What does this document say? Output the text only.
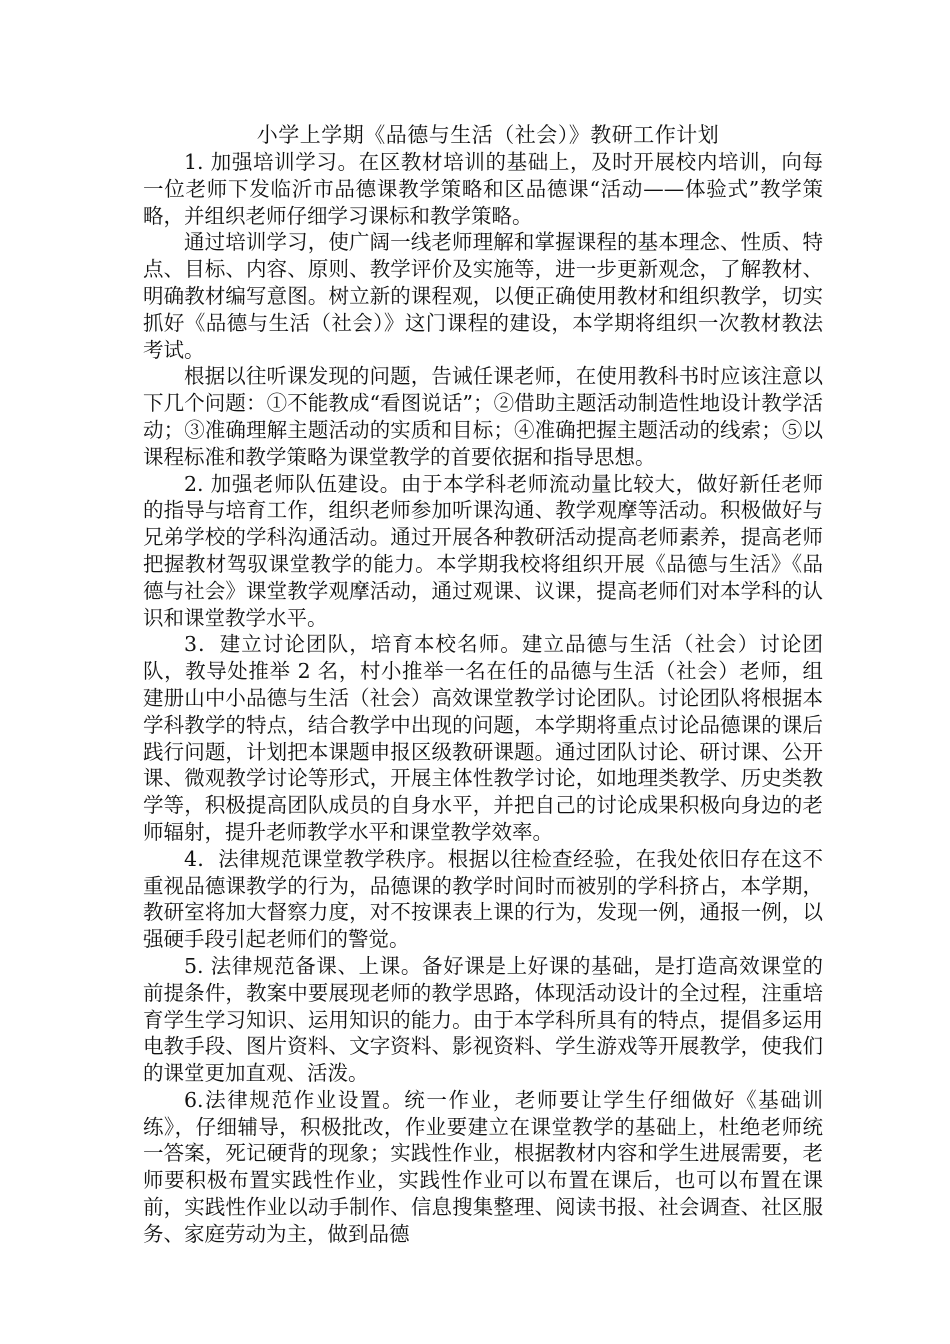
小学上学期《品德与生活（社会）》教研工作计划

1. 加强培训学习。在区教材培训的基础上，及时开展校内培训，向每一位老师下发临沂市品德课教学策略和区品德课“活动——体验式”教学策略，并组织老师仔细学习课标和教学策略。

通过培训学习，使广阔一线老师理解和掌握课程的基本理念、性质、特点、目标、内容、原则、教学评价及实施等，进一步更新观念，了解教材、明确教材编写意图。树立新的课程观，以便正确使用教材和组织教学，切实抓好《品德与生活（社会）》这门课程的建设，本学期将组织一次教材教法考试。

根据以往听课发现的问题，告诫任课老师，在使用教科书时应该注意以下几个问题：①不能教成“看图说话”；②借助主题活动制造性地设计教学活动；③准确理解主题活动的实质和目标；④准确把握主题活动的线索；⑤以课程标准和教学策略为课堂教学的首要依据和指导思想。

2. 加强老师队伍建设。由于本学科老师流动量比较大，做好新任老师的指导与培育工作，组织老师参加听课沟通、教学观摩等活动。积极做好与兄弟学校的学科沟通活动。通过开展各种教研活动提高老师素养，提高老师把握教材驾驭课堂教学的能力。本学期我校将组织开展《品德与生活》《品德与社会》课堂教学观摩活动，通过观课、议课，提高老师们对本学科的认识和课堂教学水平。

3．建立讨论团队，培育本校名师。建立品德与生活（社会）讨论团队，教导处推举 2 名，村小推举一名在任的品德与生活（社会）老师，组建册山中小品德与生活（社会）高效课堂教学讨论团队。讨论团队将根据本学科教学的特点，结合教学中出现的问题，本学期将重点讨论品德课的课后践行问题，计划把本课题申报区级教研课题。通过团队讨论、研讨课、公开课、微观教学讨论等形式，开展主体性教学讨论，如地理类教学、历史类教学等，积极提高团队成员的自身水平，并把自己的讨论成果积极向身边的老师辐射，提升老师教学水平和课堂教学效率。

4．法律规范课堂教学秩序。根据以往检查经验，在我处依旧存在这不重视品德课教学的行为，品德课的教学时间时而被别的学科挤占，本学期，教研室将加大督察力度，对不按课表上课的行为，发现一例，通报一例，以强硬手段引起老师们的警觉。

5. 法律规范备课、上课。备好课是上好课的基础，是打造高效课堂的前提条件，教案中要展现老师的教学思路，体现活动设计的全过程，注重培育学生学习知识、运用知识的能力。由于本学科所具有的特点，提倡多运用电教手段、图片资料、文字资料、影视资料、学生游戏等开展教学，使我们的课堂更加直观、活泼。

6.法律规范作业设置。统一作业，老师要让学生仔细做好《基础训练》，仔细辅导，积极批改，作业要建立在课堂教学的基础上，杜绝老师统一答案，死记硬背的现象；实践性作业，根据教材内容和学生进展需要，老师要积极布置实践性作业，实践性作业可以布置在课后，也可以布置在课前，实践性作业以动手制作、信息搜集整理、阅读书报、社会调查、社区服务、家庭劳动为主，做到品德
